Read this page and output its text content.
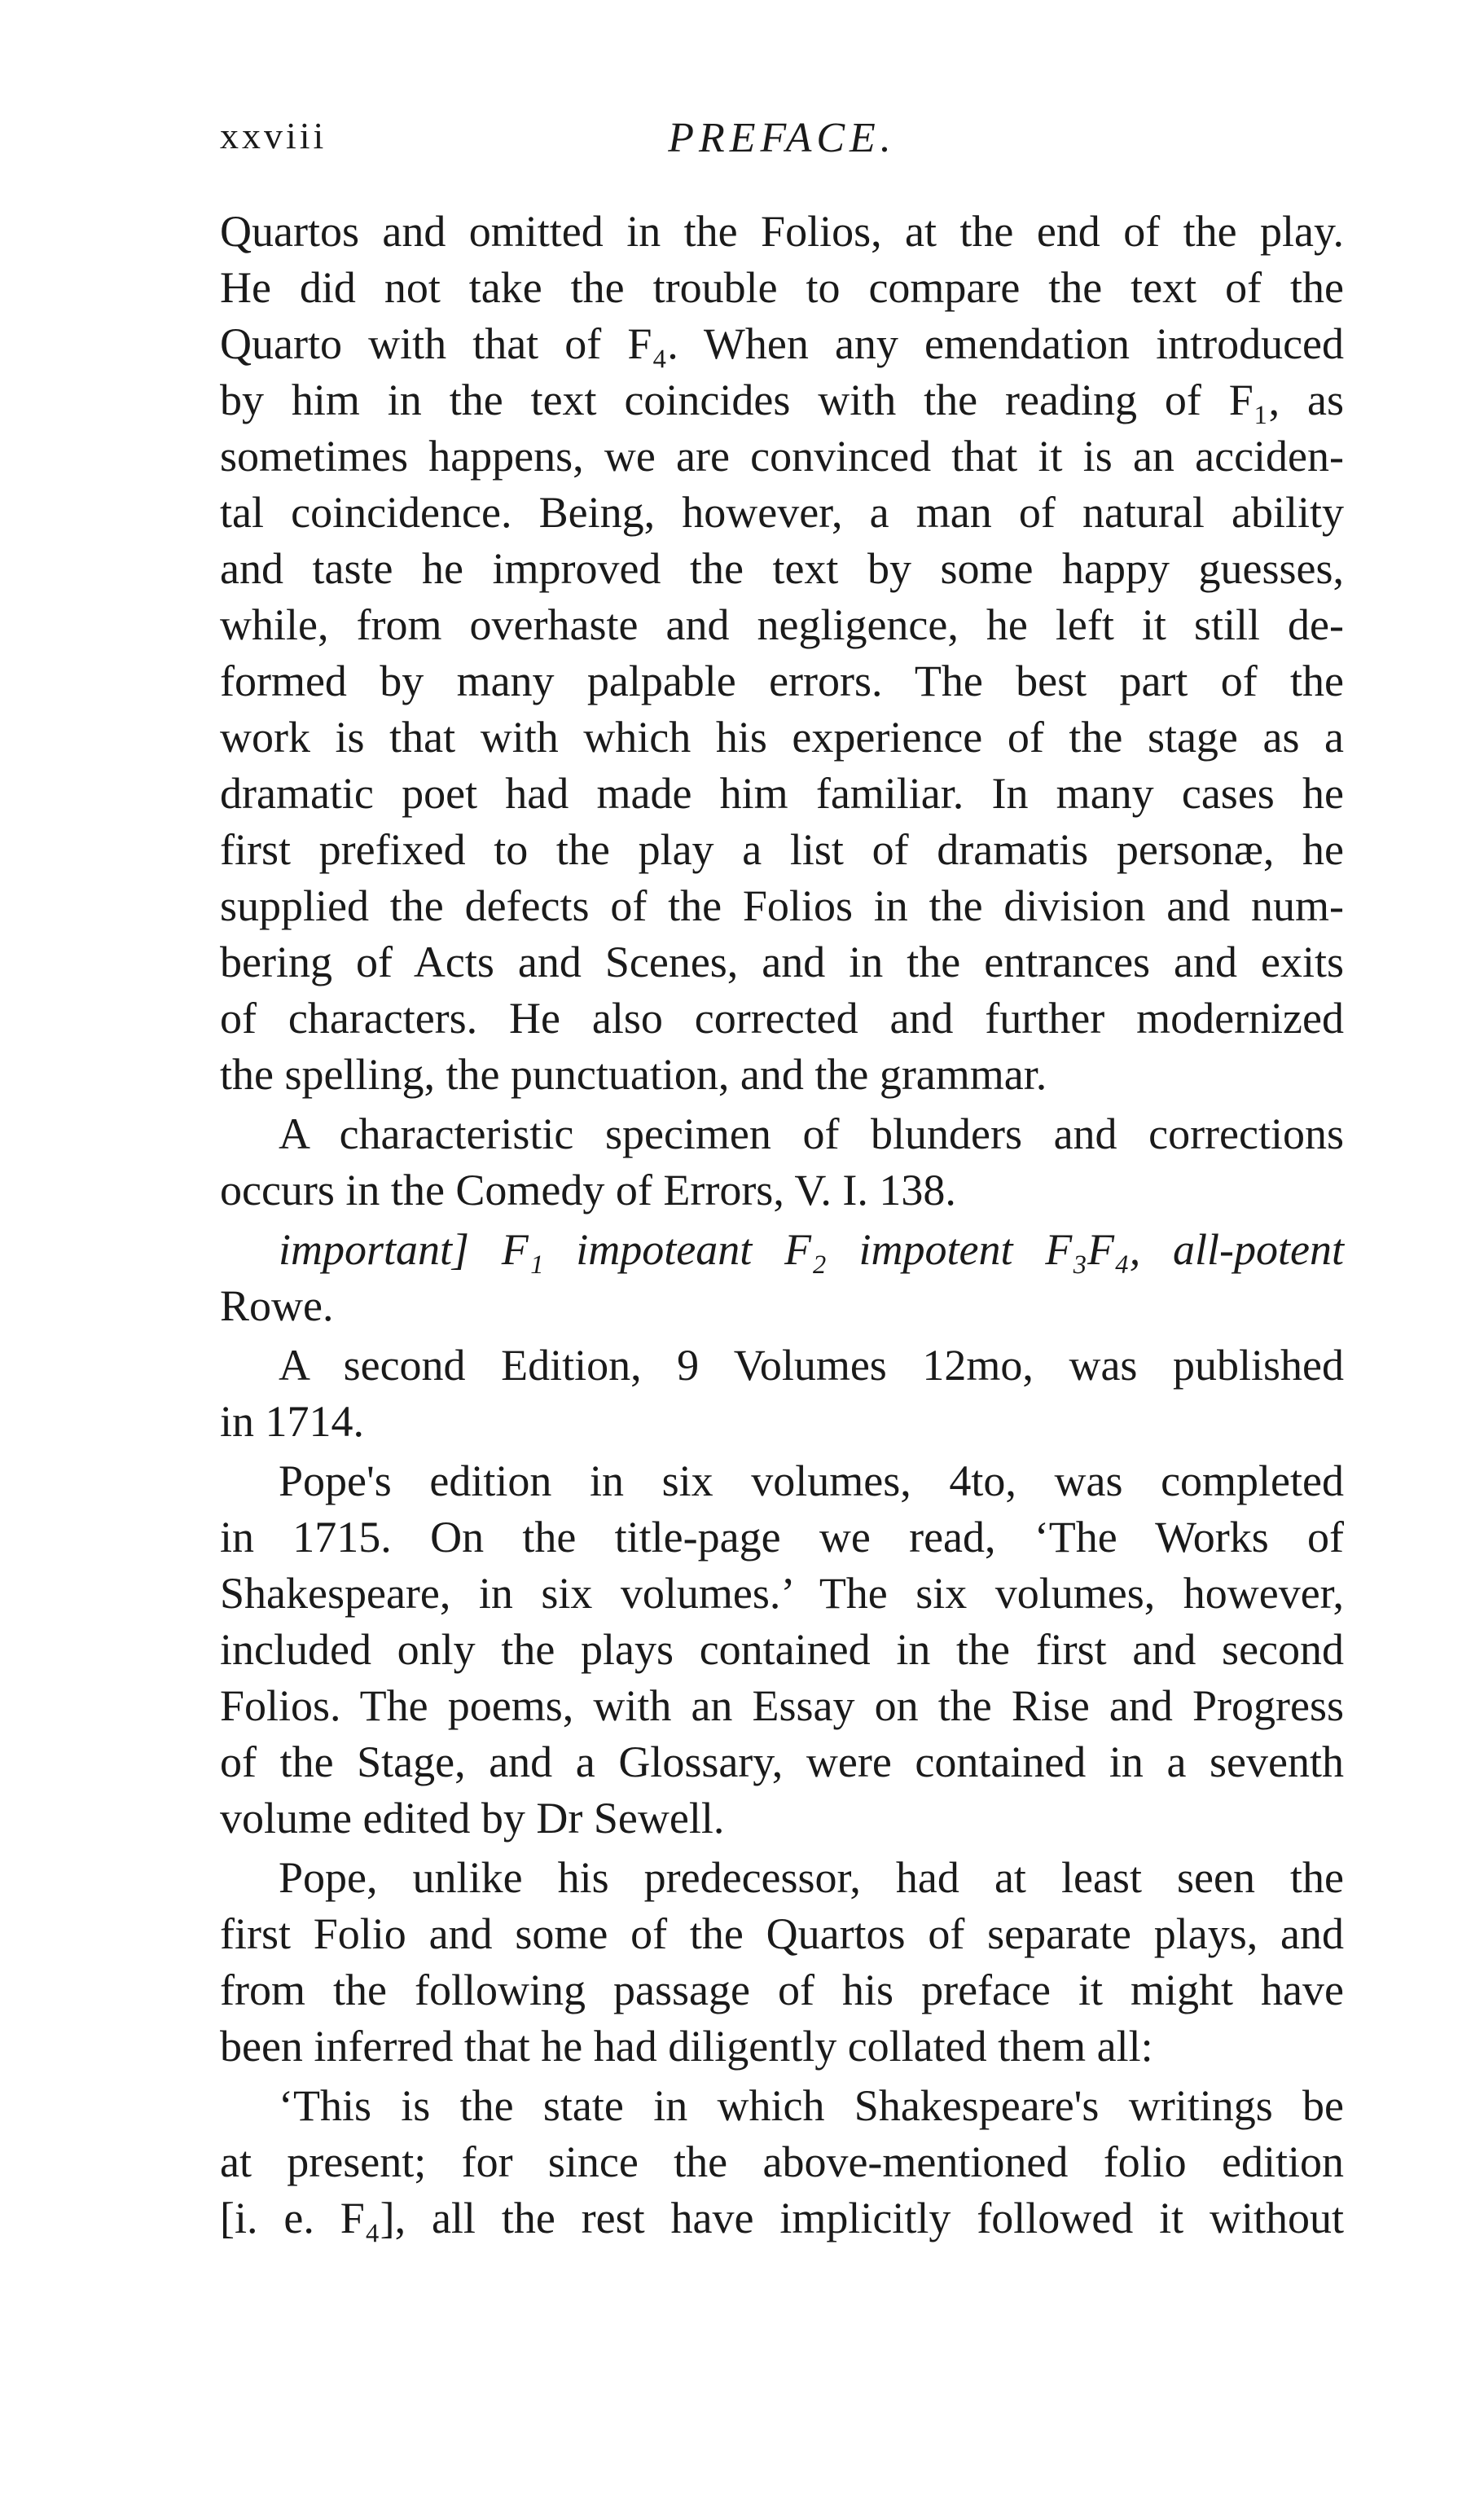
xxviii	PREFACE.
Quartos and omitted in the Folios, at the end of the play.
He did not take the trouble to compare the text of the
Quarto with that of F₄. When any emendation introduced
by him in the text coincides with the reading of F₁, as
sometimes happens, we are convinced that it is an acciden-
tal coincidence. Being, however, a man of natural ability
and taste he improved the text by some happy guesses,
while, from overhaste and negligence, he left it still de-
formed by many palpable errors. The best part of the
work is that with which his experience of the stage as a
dramatic poet had made him familiar. In many cases he
first prefixed to the play a list of dramatis personæ, he
supplied the defects of the Folios in the division and num-
bering of Acts and Scenes, and in the entrances and exits
of characters. He also corrected and further modernized
the spelling, the punctuation, and the grammar.
A characteristic specimen of blunders and corrections
occurs in the Comedy of Errors, V. I. 138.
important] F₁ impoteant F₂ impotent F₃F₄, all-potent
Rowe.
A second Edition, 9 Volumes 12mo, was published
in 1714.
Pope's edition in six volumes, 4to, was completed
in 1715. On the title-page we read, ‘The Works of
Shakespeare, in six volumes.’ The six volumes, however,
included only the plays contained in the first and second
Folios. The poems, with an Essay on the Rise and Progress
of the Stage, and a Glossary, were contained in a seventh
volume edited by Dr Sewell.
Pope, unlike his predecessor, had at least seen the
first Folio and some of the Quartos of separate plays, and
from the following passage of his preface it might have
been inferred that he had diligently collated them all:
‘This is the state in which Shakespeare's writings be
at present; for since the above-mentioned folio edition
[i. e. F₄], all the rest have implicitly followed it without
